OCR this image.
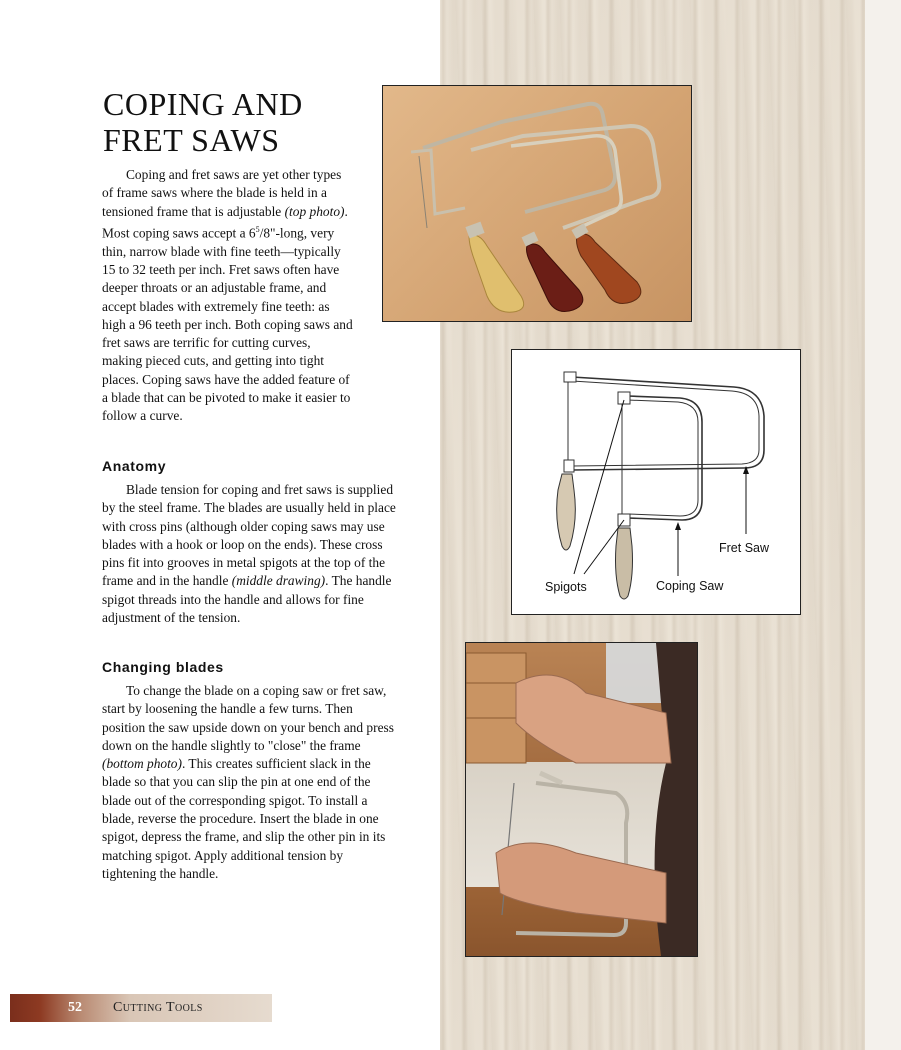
COPING AND
FRET SAWS

Coping and fret saws are yet other types of frame saws where the blade is held in a tensioned frame that is adjustable (top photo). Most coping saws accept a $6^5/8$"-long, very thin, narrow blade with fine teeth—typically 15 to 32 teeth per inch. Fret saws often have deeper throats or an adjustable frame, and accept blades with extremely fine teeth: as high a 96 teeth per inch. Both coping saws and fret saws are terrific for cutting curves, making pieced cuts, and getting into tight places. Coping saws have the added feature of a blade that can be pivoted to make it easier to follow a curve.

Anatomy

Blade tension for coping and fret saws is supplied by the steel frame. The blades are usually held in place with cross pins (although older coping saws may use blades with a hook or loop on the ends). These cross pins fit into grooves in metal spigots at the top of the frame and in the handle (middle drawing). The handle spigot threads into the handle and allows for fine adjustment of the tension.

Changing blades

To change the blade on a coping saw or fret saw, start by loosening the handle a few turns. Then position the saw upside down on your bench and press down on the handle slightly to "close" the frame (bottom photo). This creates sufficient slack in the blade so that you can slip the pin at one end of the blade out of the corresponding spigot. To install a blade, reverse the procedure. Insert the blade in one spigot, depress the frame, and slip the other pin in its matching spigot. Apply additional tension by tightening the handle.

Fret Saw
Spigots	Coping Saw
52 Cutting Tools
